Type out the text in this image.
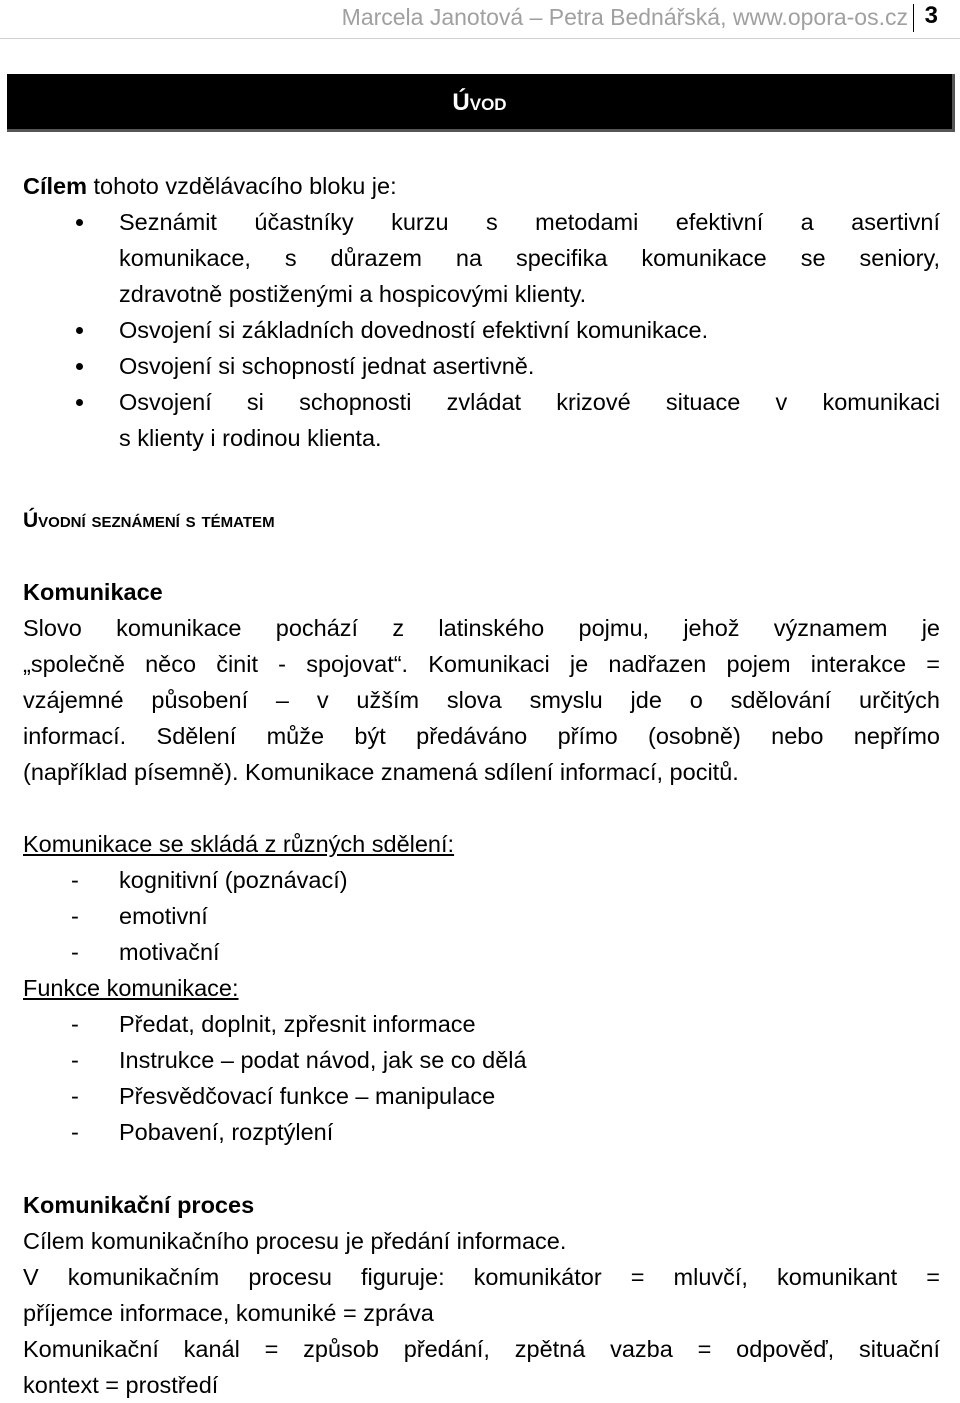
Marcela Janotová – Petra Bednářská, www.opora-os.cz 3
Úvod
Cílem tohoto vzdělávacího bloku je:
Seznámit účastníky kurzu s metodami efektivní a asertivní
komunikace, s důrazem na specifika komunikace se seniory,
zdravotně postiženými a hospicovými klienty.
Osvojení si základních dovedností efektivní komunikace.
Osvojení si schopností jednat asertivně.
Osvojení si schopnosti zvládat krizové situace v komunikaci
s klienty i rodinou klienta.
Úvodní seznámení s tématem
Komunikace
Slovo komunikace pochází z latinského pojmu, jehož významem je
„společně něco činit - spojovat“. Komunikaci je nadřazen pojem interakce =
vzájemné působení – v užším slova smyslu jde o sdělování určitých
informací. Sdělení může být předáváno přímo (osobně) nebo nepřímo
(například písemně). Komunikace znamená sdílení informací, pocitů.
Komunikace se skládá z různých sdělení:
- kognitivní (poznávací)
- emotivní
- motivační
Funkce komunikace:
- Předat, doplnit, zpřesnit informace
- Instrukce – podat návod, jak se co dělá
- Přesvědčovací funkce – manipulace
- Pobavení, rozptýlení
Komunikační proces
Cílem komunikačního procesu je předání informace.
V komunikačním procesu figuruje: komunikátor = mluvčí, komunikant =
příjemce informace, komuniké = zpráva
Komunikační kanál = způsob předání, zpětná vazba = odpověď, situační
kontext = prostředí
